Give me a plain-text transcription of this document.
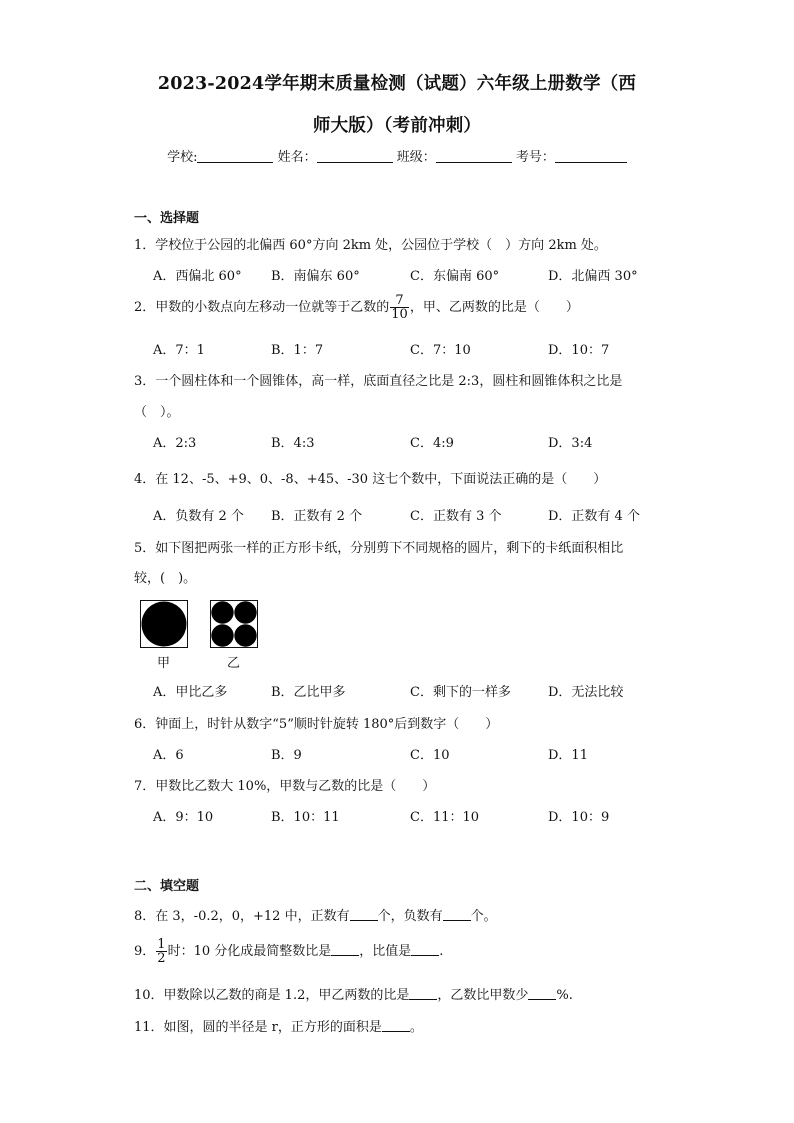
2023-2024学年期末质量检测（试题）六年级上册数学（西
师大版）（考前冲刺）
学校:	姓名：	班级：	考号：
一、选择题
1．学校位于公园的北偏西 60°方向 2km 处，公园位于学校（　）方向 2km 处。
A．西偏北 60° B．南偏东 60°	C．东偏南 60°	D．北偏西 30°
2．甲数的小数点向左移动一位就等于乙数的 $\frac{7}{10}$ ，甲、乙两数的比是（　　）
A．7：1	B．1：7	C．7：10	D．10：7
3．一个圆柱体和一个圆锥体，高一样，底面直径之比是 2:3，圆柱和圆锥体积之比是
（　）。
A．2:3	B．4:3	C．4:9	D．3:4
4．在 12、-5、+9、0、-8、+45、-30 这七个数中，下面说法正确的是（　　）
A．负数有 2 个 B．正数有 2 个	C．正数有 3 个	D．正数有 4 个
5．如下图把两张一样的正方形卡纸，分别剪下不同规格的圆片，剩下的卡纸面积相比
较，(　)。
甲	乙
A．甲比乙多	B．乙比甲多	C．剩下的一样多	D．无法比较
6．钟面上，时针从数字“5”顺时针旋转 180°后到数字（　　）
A．6	B．9	C．10	D．11
7．甲数比乙数大 10%，甲数与乙数的比是（　　）
A．9：10	B．10：11	C．11：10	D．10：9
二、填空题
8．在 3，-0.2，0，+12 中，正数有 个，负数有 个。
9． $\frac{1}{2}$ 时：10 分化成最简整数比是 ，比值是 .
10．甲数除以乙数的商是 1.2，甲乙两数的比是 ，乙数比甲数少 %.
11．如图，圆的半径是 r，正方形的面积是 。
